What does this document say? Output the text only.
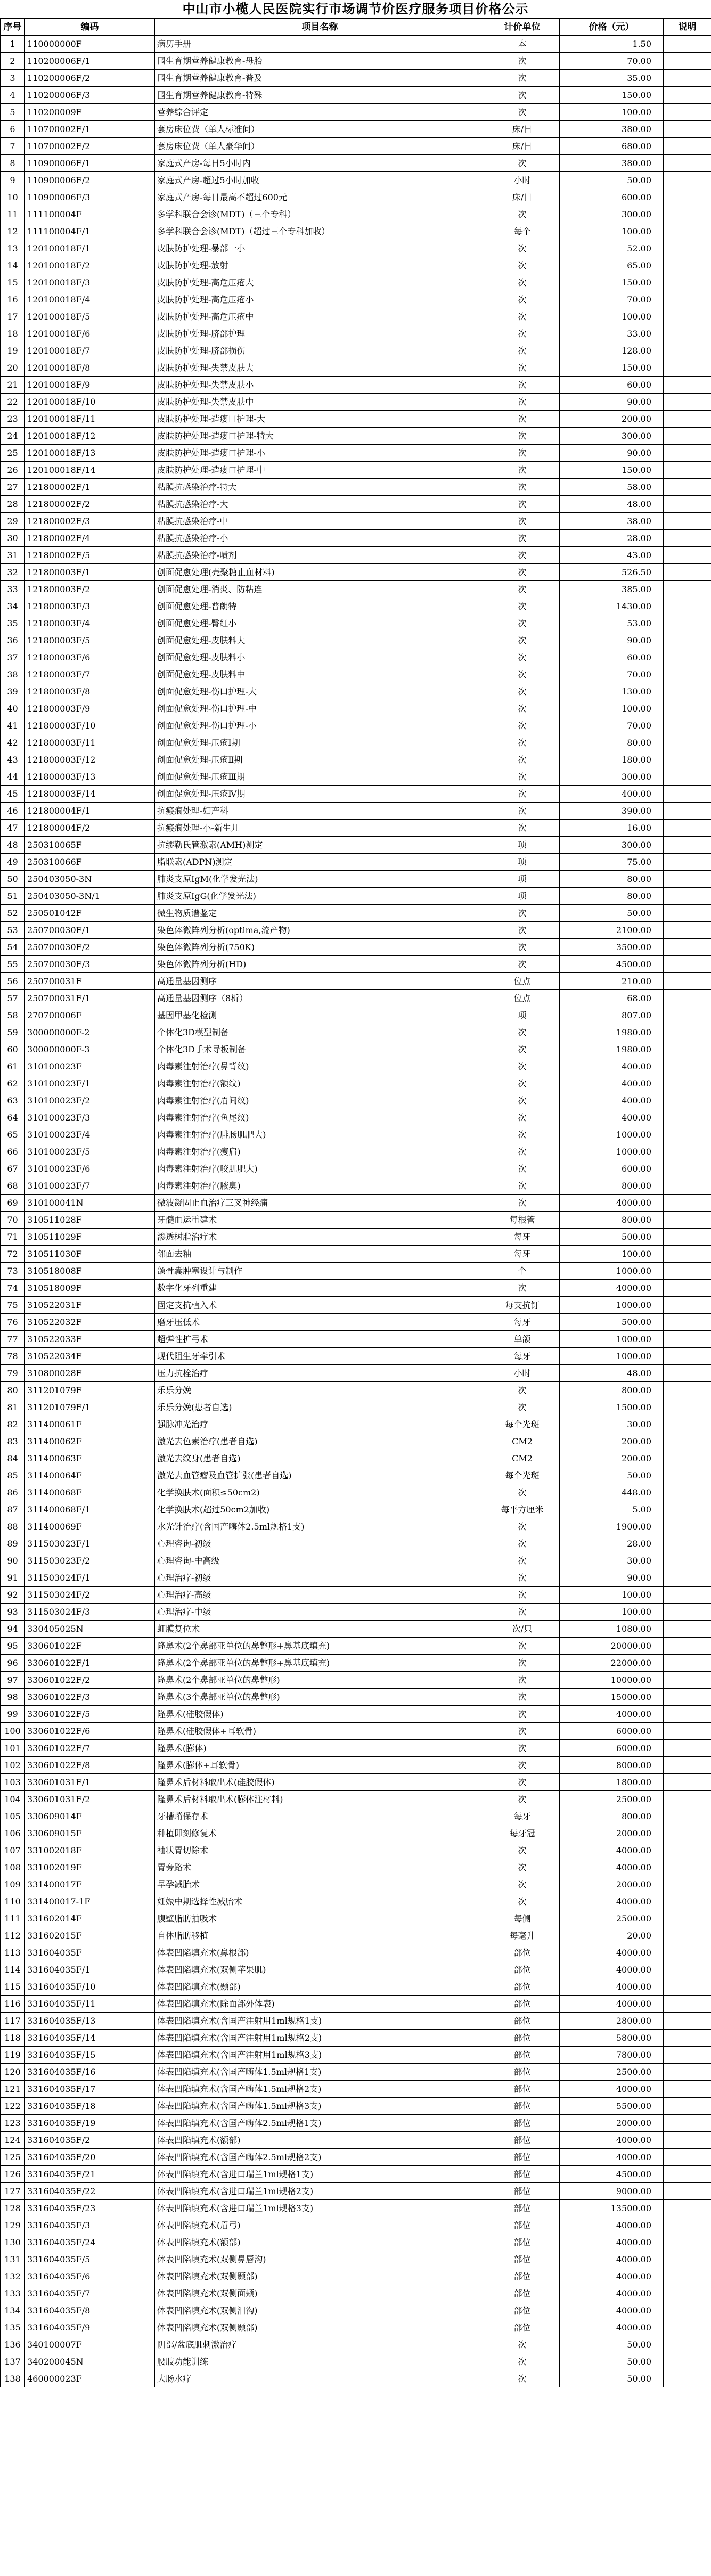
中山市小榄人民医院实行市场调节价医疗服务项目价格公示
序号	编码	项目名称	计价单位	价格（元）	说明
1	110000000F	病历手册	本	1.50	
2	110200006F/1	围生育期营养健康教育-母胎	次	70.00	
3	110200006F/2	围生育期营养健康教育-普及	次	35.00	
4	110200006F/3	围生育期营养健康教育-特殊	次	150.00	
5	110200009F	营养综合评定	次	100.00	
6	110700002F/1	套房床位费（单人标准间）	床/日	380.00	
7	110700002F/2	套房床位费（单人豪华间）	床/日	680.00	
8	110900006F/1	家庭式产房-每日5小时内	次	380.00	
9	110900006F/2	家庭式产房-超过5小时加收	小时	50.00	
10	110900006F/3	家庭式产房-每日最高不超过600元	床/日	600.00	
11	111100004F	多学科联合会诊(MDT)（三个专科）	次	300.00	
12	111100004F/1	多学科联合会诊(MDT)（超过三个专科加收）	每个	100.00	
13	120100018F/1	皮肤防护处理-暴部一小	次	52.00	
14	120100018F/2	皮肤防护处理-放射	次	65.00	
15	120100018F/3	皮肤防护处理-高危压疮大	次	150.00	
16	120100018F/4	皮肤防护处理-高危压疮小	次	70.00	
17	120100018F/5	皮肤防护处理-高危压疮中	次	100.00	
18	120100018F/6	皮肤防护处理-脐部护理	次	33.00	
19	120100018F/7	皮肤防护处理-脐部损伤	次	128.00	
20	120100018F/8	皮肤防护处理-失禁皮肤大	次	150.00	
21	120100018F/9	皮肤防护处理-失禁皮肤小	次	60.00	
22	120100018F/10	皮肤防护处理-失禁皮肤中	次	90.00	
23	120100018F/11	皮肤防护处理-造瘘口护理-大	次	200.00	
24	120100018F/12	皮肤防护处理-造瘘口护理-特大	次	300.00	
25	120100018F/13	皮肤防护处理-造瘘口护理-小	次	90.00	
26	120100018F/14	皮肤防护处理-造瘘口护理-中	次	150.00	
27	121800002F/1	粘膜抗感染治疗-特大	次	58.00	
28	121800002F/2	粘膜抗感染治疗-大	次	48.00	
29	121800002F/3	粘膜抗感染治疗-中	次	38.00	
30	121800002F/4	粘膜抗感染治疗-小	次	28.00	
31	121800002F/5	粘膜抗感染治疗-喷剂	次	43.00	
32	121800003F/1	创面促愈处理(壳聚糖止血材料)	次	526.50	
33	121800003F/2	创面促愈处理-消炎、防粘连	次	385.00	
34	121800003F/3	创面促愈处理-普朗特	次	1430.00	
35	121800003F/4	创面促愈处理-臀红小	次	53.00	
36	121800003F/5	创面促愈处理-皮肤料大	次	90.00	
37	121800003F/6	创面促愈处理-皮肤料小	次	60.00	
38	121800003F/7	创面促愈处理-皮肤料中	次	70.00	
39	121800003F/8	创面促愈处理-伤口护理-大	次	130.00	
40	121800003F/9	创面促愈处理-伤口护理-中	次	100.00	
41	121800003F/10	创面促愈处理-伤口护理-小	次	70.00	
42	121800003F/11	创面促愈处理-压疮Ⅰ期	次	80.00	
43	121800003F/12	创面促愈处理-压疮Ⅱ期	次	180.00	
44	121800003F/13	创面促愈处理-压疮Ⅲ期	次	300.00	
45	121800003F/14	创面促愈处理-压疮Ⅳ期	次	400.00	
46	121800004F/1	抗瘢痕处理-妇产科	次	390.00	
47	121800004F/2	抗瘢痕处理-小-新生儿	次	16.00	
48	250310065F	抗缪勒氏管激素(AMH)测定	项	300.00	
49	250310066F	脂联素(ADPN)测定	项	75.00	
50	250403050-3N	肺炎支原IgM(化学发光法)	项	80.00	
51	250403050-3N/1	肺炎支原IgG(化学发光法)	项	80.00	
52	250501042F	微生物质谱鉴定	次	50.00	
53	250700030F/1	染色体微阵列分析(optima,流产物)	次	2100.00	
54	250700030F/2	染色体微阵列分析(750K)	次	3500.00	
55	250700030F/3	染色体微阵列分析(HD)	次	4500.00	
56	250700031F	高通量基因测序	位点	210.00	
57	250700031F/1	高通量基因测序（8析）	位点	68.00	
58	270700006F	基因甲基化检测	项	807.00	
59	300000000F-2	个体化3D模型制备	次	1980.00	
60	300000000F-3	个体化3D手术导板制备	次	1980.00	
61	310100023F	肉毒素注射治疗(鼻背纹)	次	400.00	
62	310100023F/1	肉毒素注射治疗(额纹)	次	400.00	
63	310100023F/2	肉毒素注射治疗(眉间纹)	次	400.00	
64	310100023F/3	肉毒素注射治疗(鱼尾纹)	次	400.00	
65	310100023F/4	肉毒素注射治疗(腓肠肌肥大)	次	1000.00	
66	310100023F/5	肉毒素注射治疗(瘦肩)	次	1000.00	
67	310100023F/6	肉毒素注射治疗(咬肌肥大)	次	600.00	
68	310100023F/7	肉毒素注射治疗(腋臭)	次	800.00	
69	310100041N	微波凝固止血治疗三叉神经痛	次	4000.00	
70	310511028F	牙髓血运重建术	每根管	800.00	
71	310511029F	渗透树脂治疗术	每牙	500.00	
72	310511030F	邻面去釉	每牙	100.00	
73	310518008F	颌骨囊肿塞设计与制作	个	1000.00	
74	310518009F	数字化牙列重建	次	4000.00	
75	310522031F	固定支抗植入术	每支抗钉	1000.00	
76	310522032F	磨牙压低术	每牙	500.00	
77	310522033F	超弹性扩弓术	单颌	1000.00	
78	310522034F	现代阻生牙牵引术	每牙	1000.00	
79	310800028F	压力抗栓治疗	小时	48.00	
80	311201079F	乐乐分娩	次	800.00	
81	311201079F/1	乐乐分娩(患者自选)	次	1500.00	
82	311400061F	强脉冲光治疗	每个光斑	30.00	
83	311400062F	激光去色素治疗(患者自选)	CM2	200.00	
84	311400063F	激光去纹身(患者自选)	CM2	200.00	
85	311400064F	激光去血管瘤及血管扩张(患者自选)	每个光斑	50.00	
86	311400068F	化学换肤术(面积≤50cm2)	次	448.00	
87	311400068F/1	化学换肤术(超过50cm2加收)	每平方厘米	5.00	
88	311400069F	水光针治疗(含国产嗨体2.5ml规格1支)	次	1900.00	
89	311503023F/1	心理咨询-初级	次	28.00	
90	311503023F/2	心理咨询-中高级	次	30.00	
91	311503024F/1	心理治疗-初级	次	90.00	
92	311503024F/2	心理治疗-高级	次	100.00	
93	311503024F/3	心理治疗-中级	次	100.00	
94	330405025N	虹膜复位术	次/只	1080.00	
95	330601022F	隆鼻术(2个鼻部亚单位的鼻整形+鼻基底填充)	次	20000.00	
96	330601022F/1	隆鼻术(2个鼻部亚单位的鼻整形+鼻基底填充)	次	22000.00	
97	330601022F/2	隆鼻术(2个鼻部亚单位的鼻整形)	次	10000.00	
98	330601022F/3	隆鼻术(3个鼻部亚单位的鼻整形)	次	15000.00	
99	330601022F/5	隆鼻术(硅胶假体)	次	4000.00	
100	330601022F/6	隆鼻术(硅胶假体+耳软骨)	次	6000.00	
101	330601022F/7	隆鼻术(膨体)	次	6000.00	
102	330601022F/8	隆鼻术(膨体+耳软骨)	次	8000.00	
103	330601031F/1	隆鼻术后材料取出术(硅胶假体)	次	1800.00	
104	330601031F/2	隆鼻术后材料取出术(膨体注材料)	次	2500.00	
105	330609014F	牙槽嵴保存术	每牙	800.00	
106	330609015F	种植即刻修复术	每牙冠	2000.00	
107	331002018F	袖状胃切除术	次	4000.00	
108	331002019F	胃旁路术	次	4000.00	
109	331400017F	早孕减胎术	次	2000.00	
110	331400017-1F	妊娠中期选择性减胎术	次	4000.00	
111	331602014F	腹壁脂肪抽吸术	每侧	2500.00	
112	331602015F	自体脂肪移植	每毫升	20.00	
113	331604035F	体表凹陷填充术(鼻根部)	部位	4000.00	
114	331604035F/1	体表凹陷填充术(双侧苹果肌)	部位	4000.00	
115	331604035F/10	体表凹陷填充术(颞部)	部位	4000.00	
116	331604035F/11	体表凹陷填充术(除面部外体表)	部位	4000.00	
117	331604035F/13	体表凹陷填充术(含国产注射用1ml规格1支)	部位	2800.00	
118	331604035F/14	体表凹陷填充术(含国产注射用1ml规格2支)	部位	5800.00	
119	331604035F/15	体表凹陷填充术(含国产注射用1ml规格3支)	部位	7800.00	
120	331604035F/16	体表凹陷填充术(含国产嗨体1.5ml规格1支)	部位	2500.00	
121	331604035F/17	体表凹陷填充术(含国产嗨体1.5ml规格2支)	部位	4000.00	
122	331604035F/18	体表凹陷填充术(含国产嗨体1.5ml规格3支)	部位	5500.00	
123	331604035F/19	体表凹陷填充术(含国产嗨体2.5ml规格1支)	部位	2000.00	
124	331604035F/2	体表凹陷填充术(额部)	部位	4000.00	
125	331604035F/20	体表凹陷填充术(含国产嗨体2.5ml规格2支)	部位	4000.00	
126	331604035F/21	体表凹陷填充术(含进口瑞兰1ml规格1支)	部位	4500.00	
127	331604035F/22	体表凹陷填充术(含进口瑞兰1ml规格2支)	部位	9000.00	
128	331604035F/23	体表凹陷填充术(含进口瑞兰1ml规格3支)	部位	13500.00	
129	331604035F/3	体表凹陷填充术(眉弓)	部位	4000.00	
130	331604035F/24	体表凹陷填充术(额部)	部位	4000.00	
131	331604035F/5	体表凹陷填充术(双侧鼻唇沟)	部位	4000.00	
132	331604035F/6	体表凹陷填充术(双侧颞部)	部位	4000.00	
133	331604035F/7	体表凹陷填充术(双侧面颊)	部位	4000.00	
134	331604035F/8	体表凹陷填充术(双侧泪沟)	部位	4000.00	
135	331604035F/9	体表凹陷填充术(双侧颞部)	部位	4000.00	
136	340100007F	阴部/盆底肌刺激治疗	次	50.00	
137	340200045N	腰肢功能训练	次	50.00	
138	460000023F	大肠水疗	次	50.00	
